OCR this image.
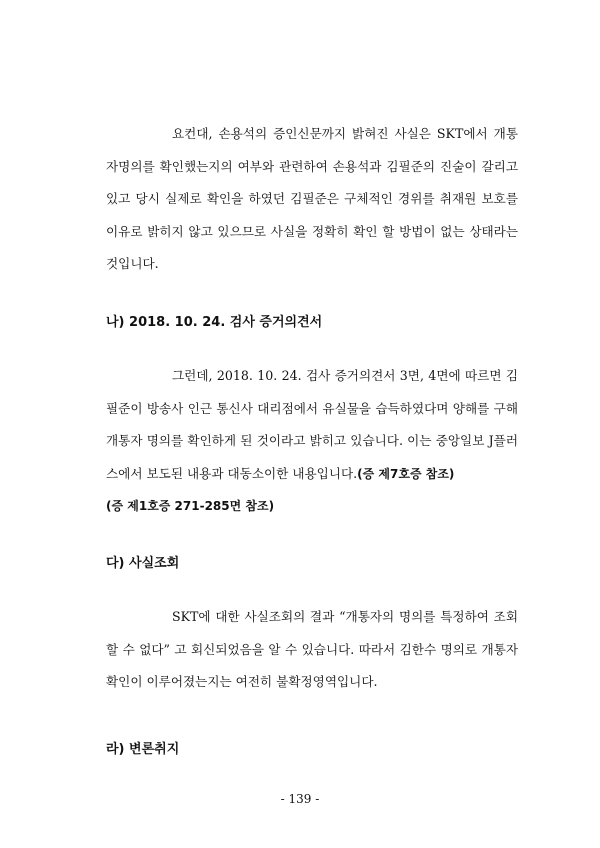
요컨대, 손용석의 증인신문까지 밝혀진 사실은 SKT에서 개통자명의를 확인했는지의 여부와 관련하여 손용석과 김필준의 진술이 갈리고 있고 당시 실제로 확인을 하였던 김필준은 구체적인 경위를 취재원 보호를 이유로 밝히지 않고 있으므로 사실을 정확히 확인 할 방법이 없는 상태라는 것입니다.
나) 2018. 10. 24. 검사 증거의견서
그런데, 2018. 10. 24. 검사 증거의견서 3면, 4면에 따르면 김필준이 방송사 인근 통신사 대리점에서 유실물을 습득하였다며 양해를 구해 개통자 명의를 확인하게 된 것이라고 밝히고 있습니다. 이는 중앙일보 J플러스에서 보도된 내용과 대동소이한 내용입니다.(증 제7호증 참조)
(증 제1호증 271-285면 참조)
다) 사실조회
SKT에 대한 사실조회의 결과 “개통자의 명의를 특정하여 조회할 수 없다” 고 회신되었음을 알 수 있습니다. 따라서 김한수 명의로 개통자 확인이 이루어졌는지는 여전히 불확정영역입니다.
라) 변론취지
- 139 -
